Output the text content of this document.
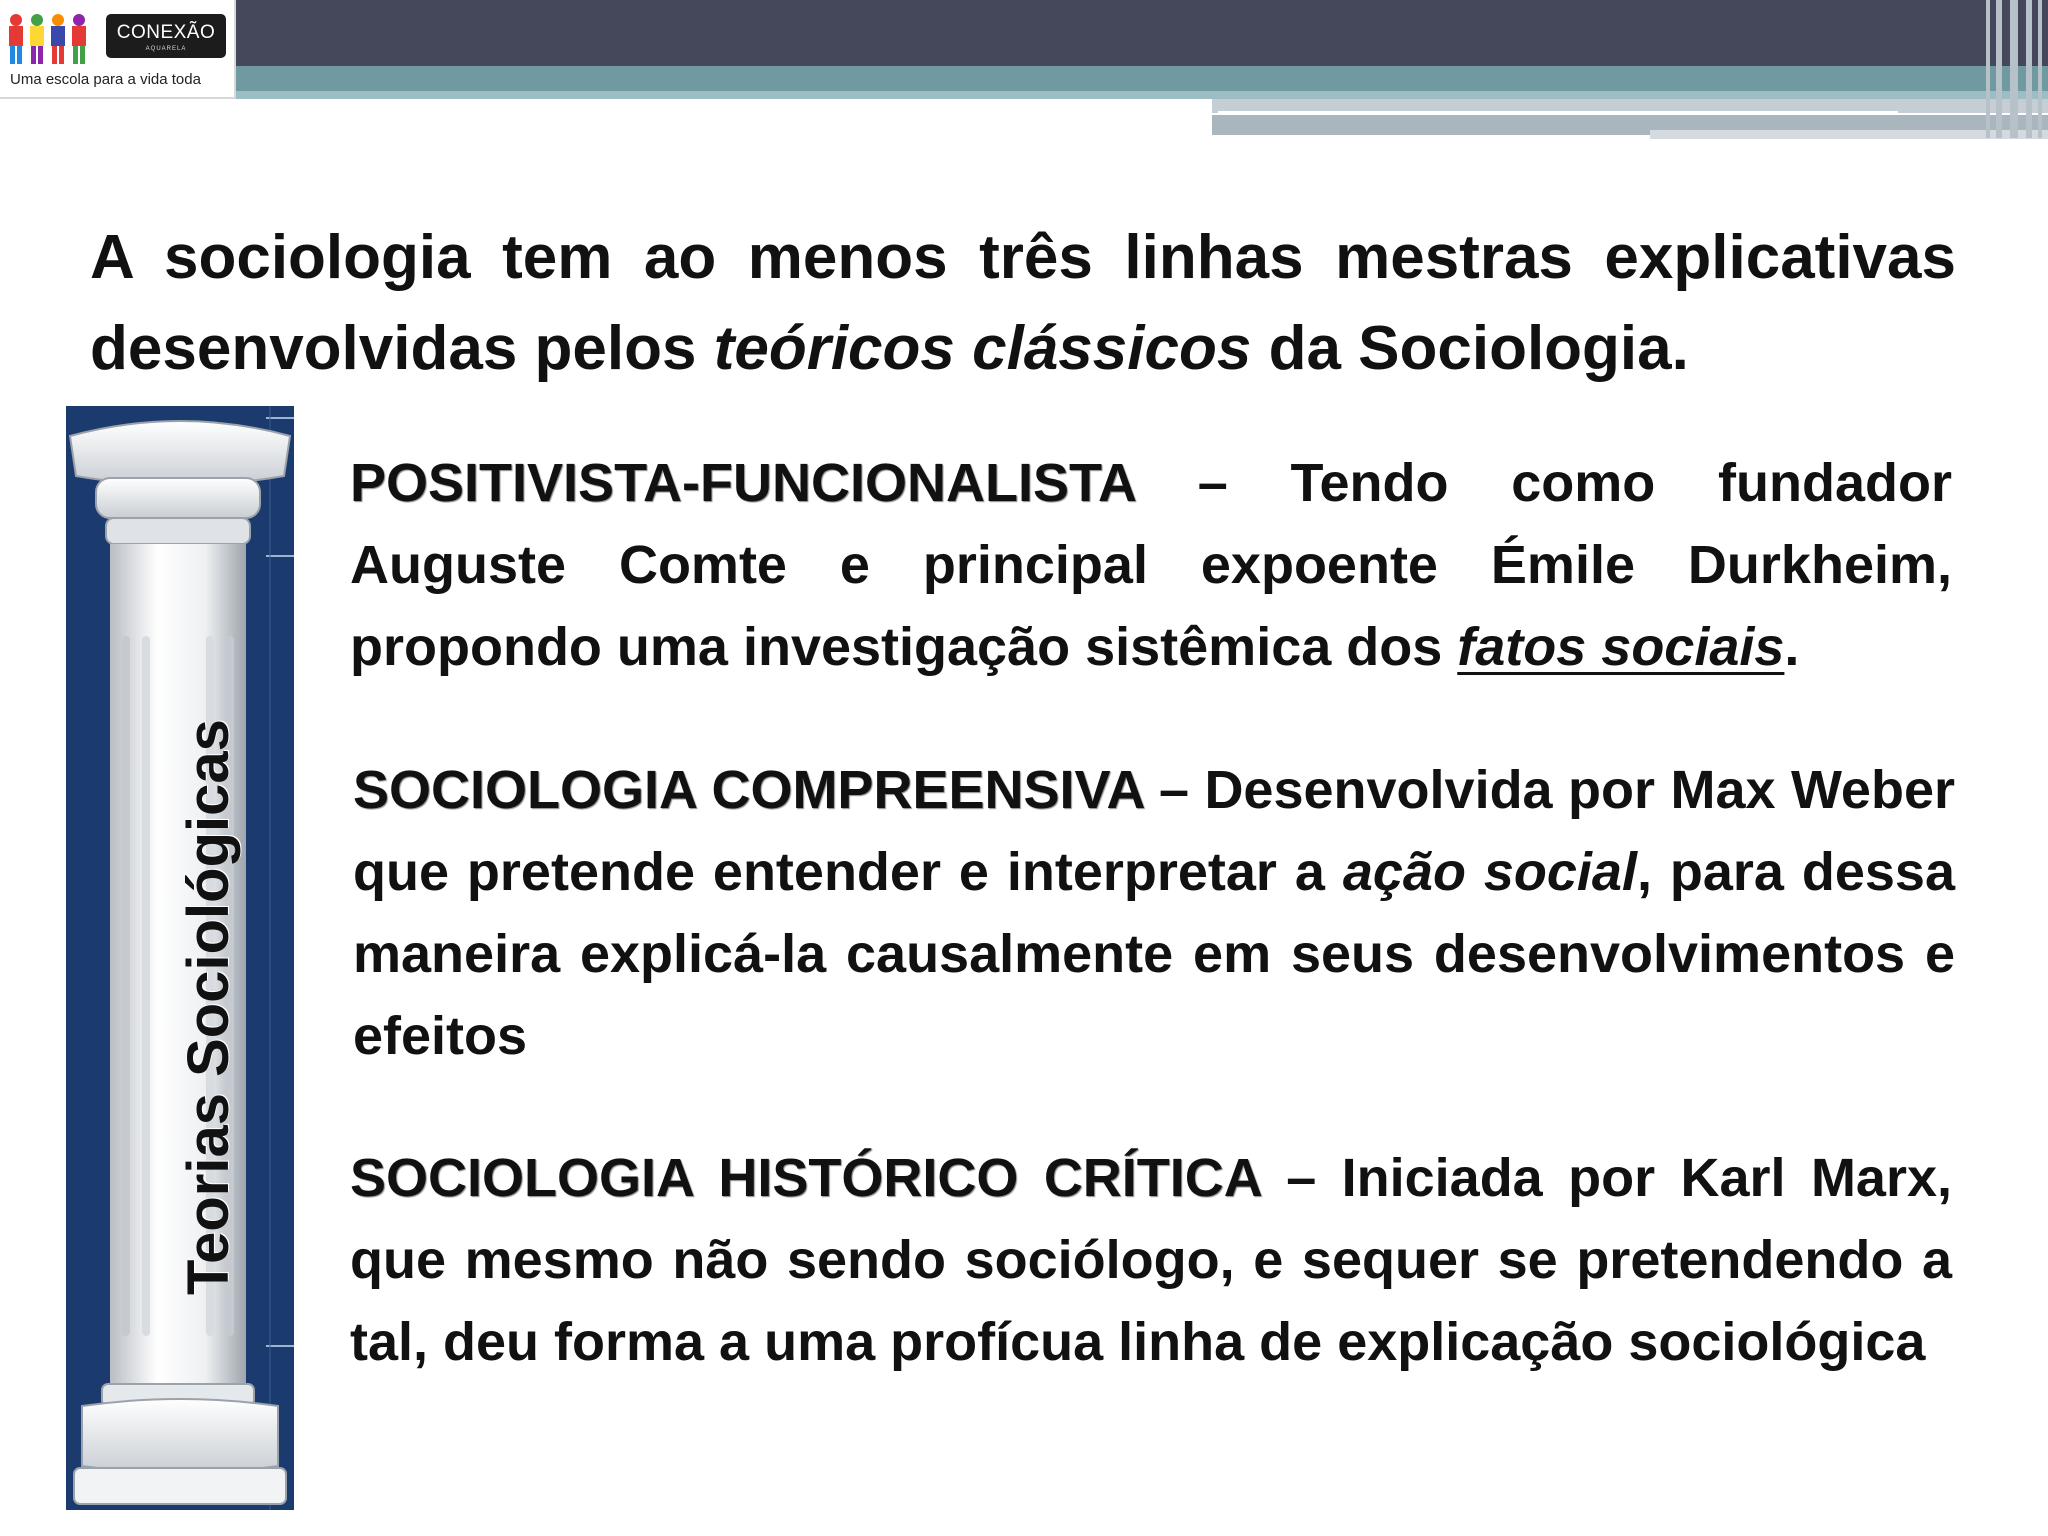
CONEXÃO
AQUARELA
Uma escola para a vida toda
A sociologia tem ao menos três linhas mestras explicativas desenvolvidas pelos teóricos clássicos da Sociologia.
Teorias Sociológicas
POSITIVISTA-FUNCIONALISTA – Tendo como fundador Auguste Comte e principal expoente Émile Durkheim, propondo uma investigação sistêmica dos fatos sociais.
SOCIOLOGIA COMPREENSIVA – Desenvolvida por Max Weber que pretende entender e interpretar a ação social, para dessa maneira explicá-la causalmente em seus desenvolvimentos e efeitos
SOCIOLOGIA HISTÓRICO CRÍTICA – Iniciada por Karl Marx, que mesmo não sendo sociólogo, e sequer se pretendendo a tal, deu forma a uma profícua linha de explicação sociológica
